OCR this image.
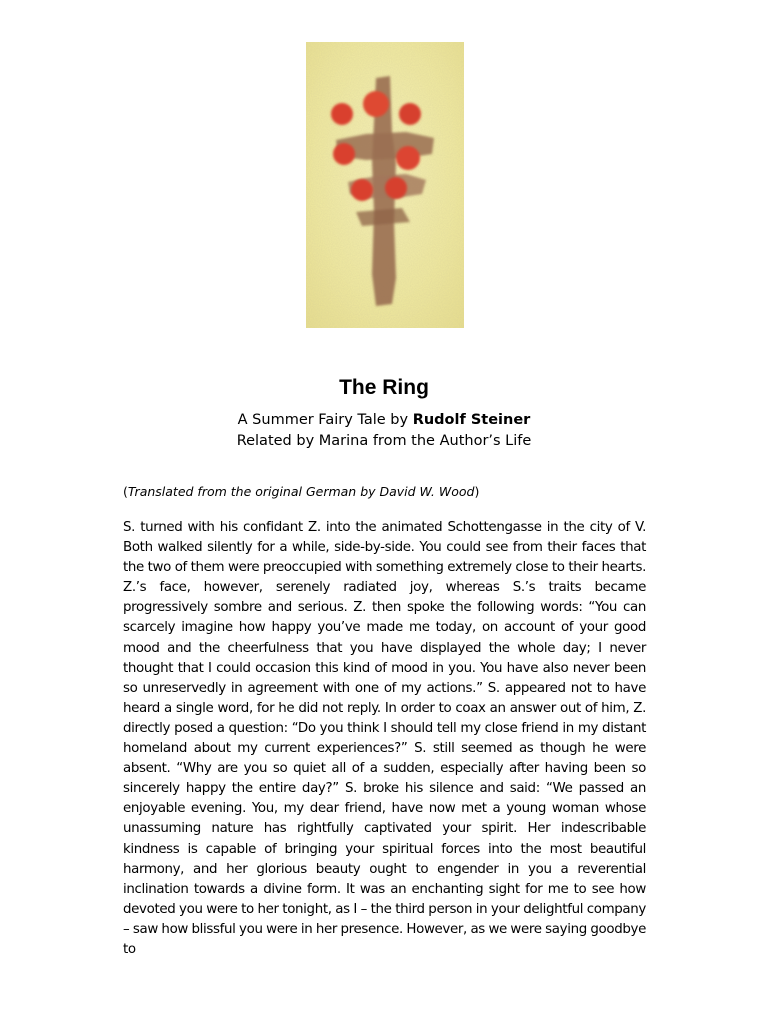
The Ring

A Summer Fairy Tale by Rudolf Steiner

Related by Marina from the Author’s Life

(Translated from the original German by David W. Wood)

S. turned with his confidant Z. into the animated Schottengasse in the city of V. Both walked silently for a while, side-by-side. You could see from their faces that the two of them were preoccupied with something extremely close to their hearts. Z.’s face, however, serenely radiated joy, whereas S.’s traits became progressively sombre and serious. Z. then spoke the following words: “You can scarcely imagine how happy you’ve made me today, on account of your good mood and the cheerfulness that you have displayed the whole day; I never thought that I could occasion this kind of mood in you. You have also never been so unreservedly in agreement with one of my actions.” S. appeared not to have heard a single word, for he did not reply. In order to coax an answer out of him, Z. directly posed a question: “Do you think I should tell my close friend in my distant homeland about my current experiences?” S. still seemed as though he were absent. “Why are you so quiet all of a sudden, especially after having been so sincerely happy the entire day?” S. broke his silence and said: “We passed an enjoyable evening. You, my dear friend, have now met a young woman whose unassuming nature has rightfully captivated your spirit. Her indescribable kindness is capable of bringing your spiritual forces into the most beautiful harmony, and her glorious beauty ought to engender in you a reverential inclination towards a divine form. It was an enchanting sight for me to see how devoted you were to her tonight, as I – the third person in your delightful company – saw how blissful you were in her presence. However, as we were saying goodbye to
